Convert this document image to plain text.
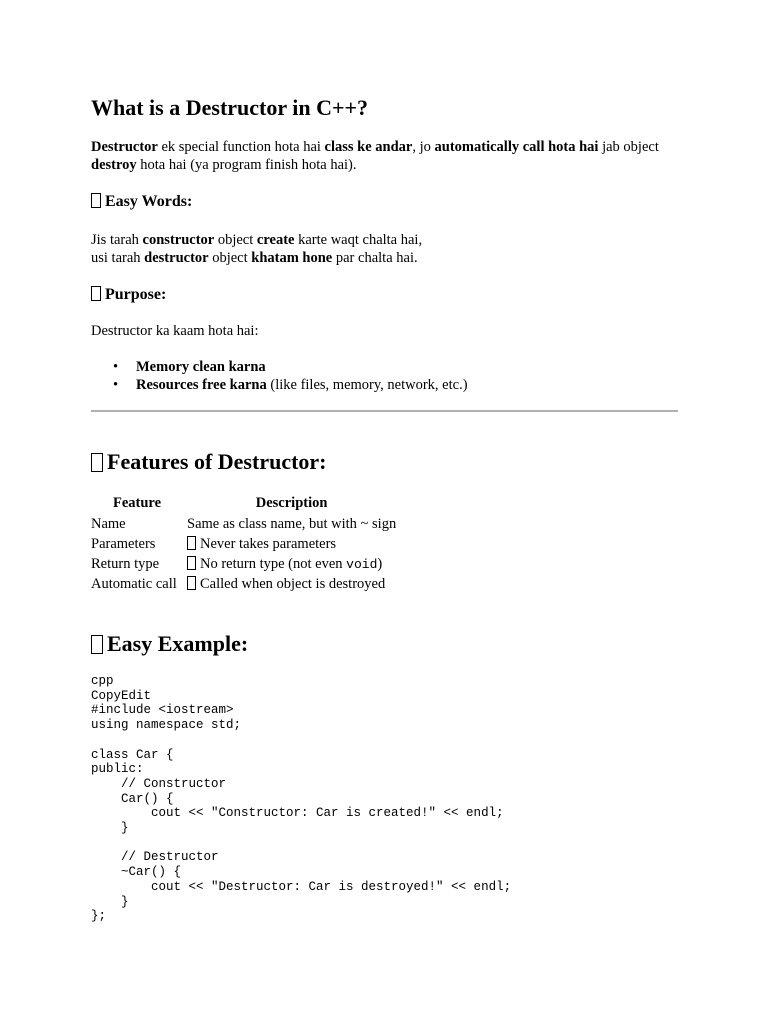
What is a Destructor in C++?

Destructor ek special function hota hai class ke andar, jo automatically call hota hai jab object destroy hota hai (ya program finish hota hai).

Easy Words:

Jis tarah constructor object create karte waqt chalta hai,
usi tarah destructor object khatam hone par chalta hai.

Purpose:

Destructor ka kaam hota hai:

• Memory clean karna
• Resources free karna (like files, memory, network, etc.)
Features of Destructor:
Feature	Description
Name	Same as class name, but with ~ sign
Parameters	Never takes parameters
Return type	No return type (not even void)
Automatic call	Called when object is destroyed
Easy Example:
cpp
CopyEdit
#include <iostream>
using namespace std;

class Car {
public:
// Constructor
Car() {
cout << "Constructor: Car is created!" << endl;
}

// Destructor
~Car() {
cout << "Destructor: Car is destroyed!" << endl;
}
};
